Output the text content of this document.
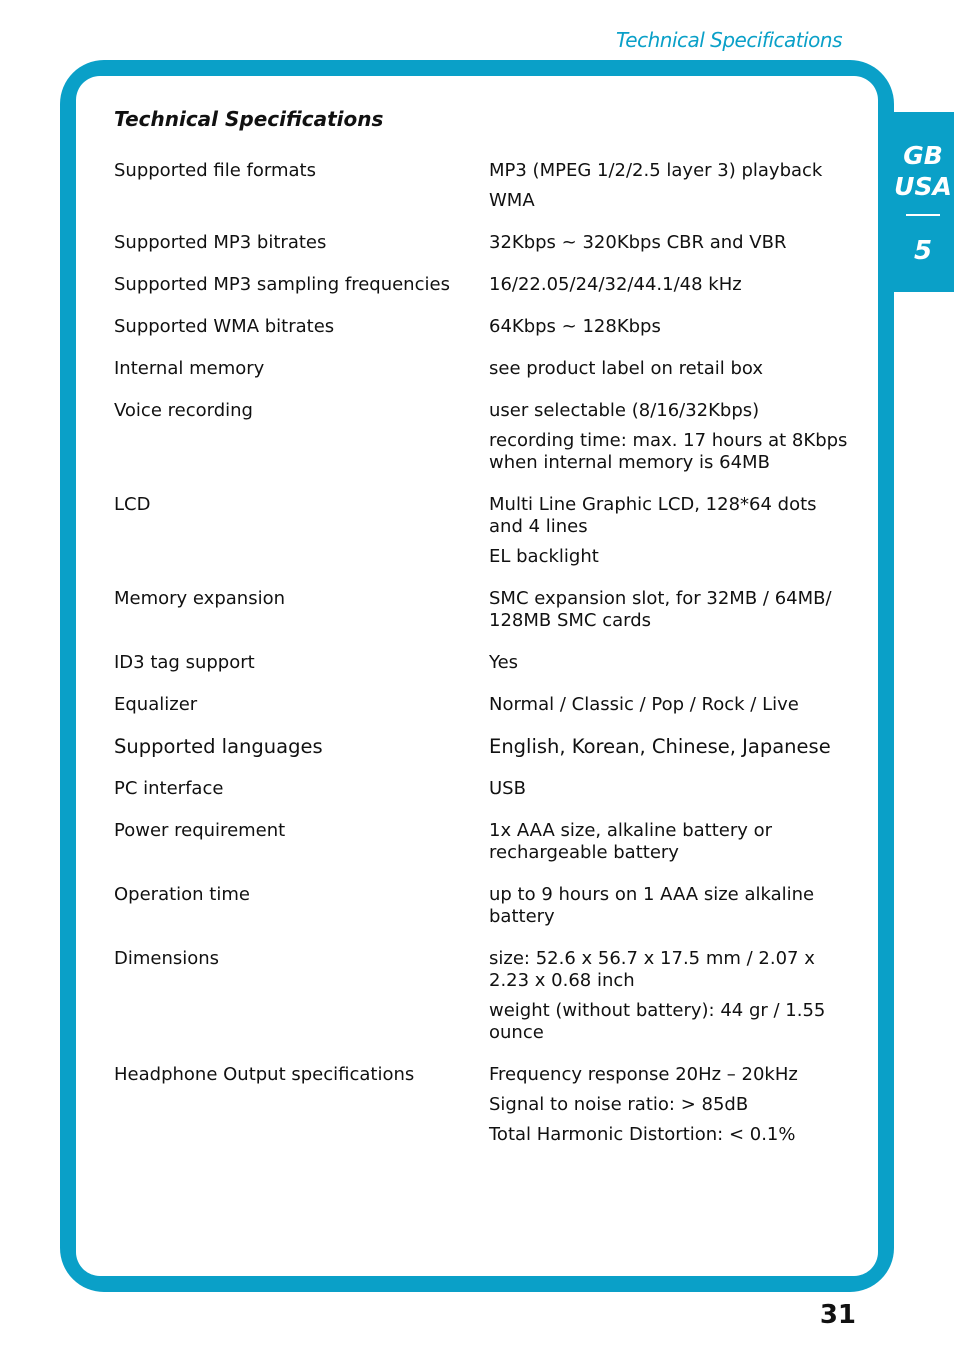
Technical Specifications
Technical Specifications
Supported file formats	MP3 (MPEG 1/2/2.5 layer 3) playback
WMA

Supported MP3 bitrates	32Kbps ~ 320Kbps CBR and VBR

Supported MP3 sampling frequencies	16/22.05/24/32/44.1/48 kHz

Supported WMA bitrates	64Kbps ~ 128Kbps

Internal memory	see product label on retail box

Voice recording	user selectable (8/16/32Kbps)
recording time: max. 17 hours at 8Kbps when internal memory is 64MB

LCD	Multi Line Graphic LCD, 128*64 dots and 4 lines
EL backlight

Memory expansion	SMC expansion slot, for 32MB / 64MB/ 128MB SMC cards

ID3 tag support	Yes

Equalizer	Normal / Classic / Pop / Rock / Live

Supported languages	English, Korean, Chinese, Japanese

PC interface	USB

Power requirement	1x AAA size, alkaline battery or rechargeable battery

Operation time	up to 9 hours on 1 AAA size alkaline battery

Dimensions	size: 52.6 x 56.7 x 17.5 mm / 2.07 x 2.23 x 0.68 inch
weight (without battery): 44 gr / 1.55 ounce

Headphone Output specifications	Frequency response 20Hz – 20kHz
Signal to noise ratio: > 85dB
Total Harmonic Distortion: < 0.1%
GB
USA
5
31
